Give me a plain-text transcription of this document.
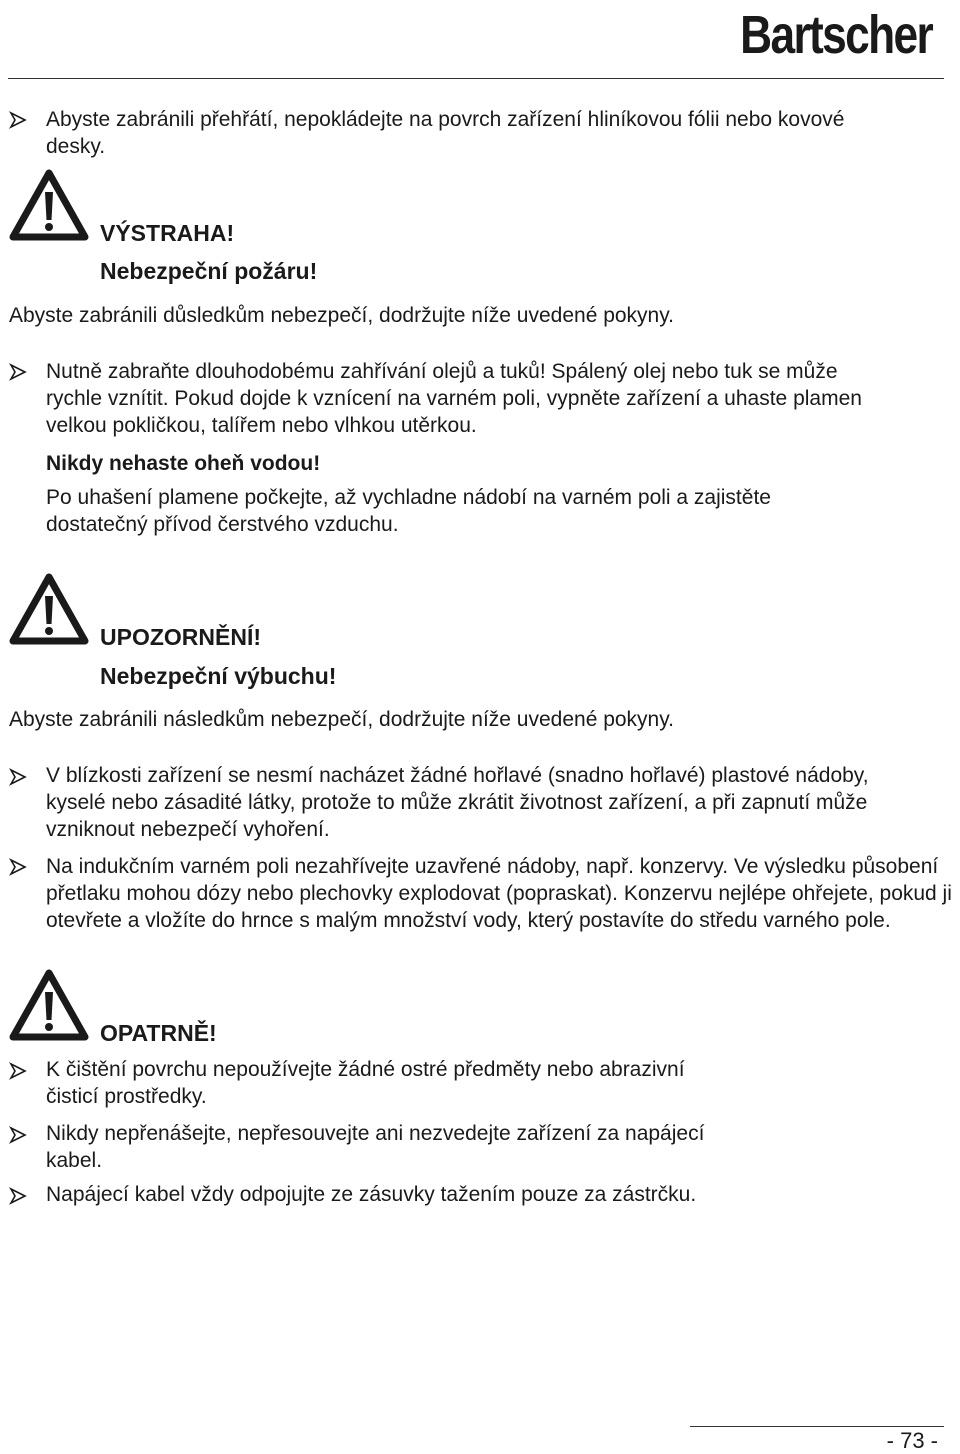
Bartscher
Abyste zabránili přehřátí, nepokládejte na povrch zařízení hliníkovou fólii nebo kovové desky.
VÝSTRAHA!
Nebezpeční požáru!
Abyste zabránili důsledkům nebezpečí, dodržujte níže uvedené pokyny.
Nutně zabraňte dlouhodobému zahřívání olejů a tuků! Spálený olej nebo tuk se může rychle vznítit. Pokud dojde k vznícení na varném poli, vypněte zařízení a uhaste plamen velkou pokličkou, talířem nebo vlhkou utěrkou.
Nikdy nehaste oheň vodou!
Po uhašení plamene počkejte, až vychladne nádobí na varném poli a zajistěte dostatečný přívod čerstvého vzduchu.
UPOZORNĚNÍ!
Nebezpeční výbuchu!
Abyste zabránili následkům nebezpečí, dodržujte níže uvedené pokyny.
V blízkosti zařízení se nesmí nacházet žádné hořlavé (snadno hořlavé) plastové nádoby, kyselé nebo zásadité látky, protože to může zkrátit životnost zařízení, a při zapnutí může vzniknout nebezpečí vyhoření.
Na indukčním varném poli nezahřívejte uzavřené nádoby, např. konzervy. Ve výsledku působení přetlaku mohou dózy nebo plechovky explodovat (popraskat). Konzervu nejlépe ohřejete, pokud ji otevřete a vložíte do hrnce s malým množství vody, který postavíte do středu varného pole.
OPATRNĚ!
K čištění povrchu nepoužívejte žádné ostré předměty nebo abrazivní čisticí prostředky.
Nikdy nepřenášejte, nepřesouvejte ani nezvedejte zařízení za napájecí kabel.
Napájecí kabel vždy odpojujte ze zásuvky tažením pouze za zástrčku.
- 73 -
